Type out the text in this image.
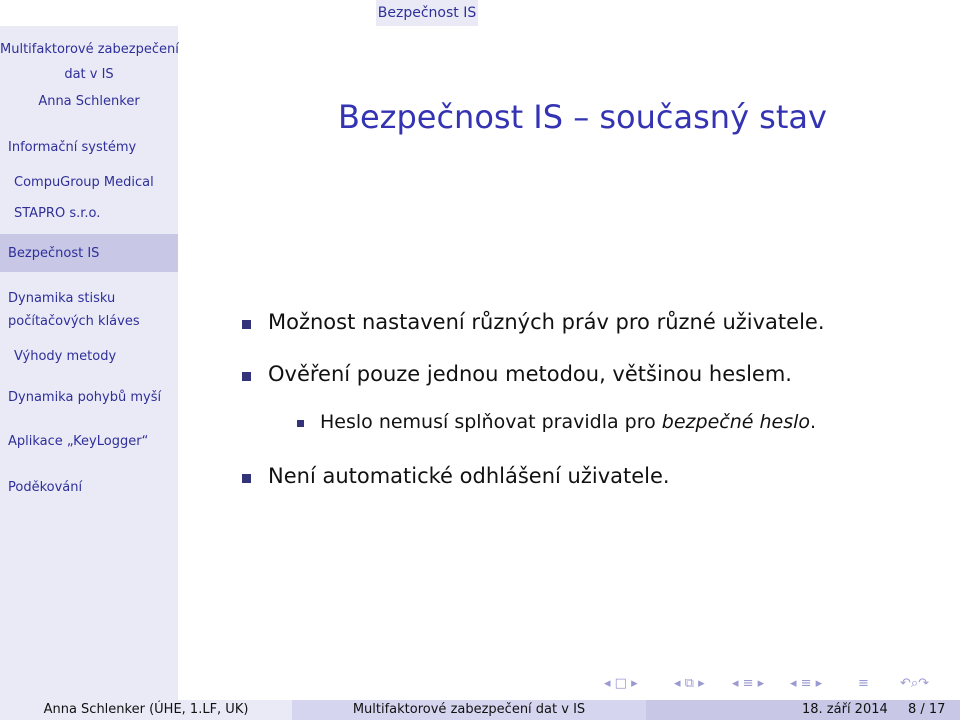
Bezpečnost IS
Multifaktorové zabezpečení
dat v IS
Anna Schlenker
Informační systémy
CompuGroup Medical
STAPRO s.r.o.
Bezpečnost IS
Dynamika stisku
počítačových kláves
Výhody metody
Dynamika pohybů myší
Aplikace „KeyLogger“
Poděkování
Bezpečnost IS – současný stav
Možnost nastavení různých práv pro různé uživatele.
Ověření pouze jednou metodou, většinou heslem.
Heslo nemusí splňovat pravidla pro bezpečné heslo.
Není automatické odhlášení uživatele.
◂ □ ▸	◂ ⧉ ▸ ◂ ≡ ▸ ◂ ≡ ▸	≡ ↶⌕↷
Anna Schlenker (ÚHE, 1.LF, UK)	Multifaktorové zabezpečení dat v IS	18. září 2014 8 / 17
